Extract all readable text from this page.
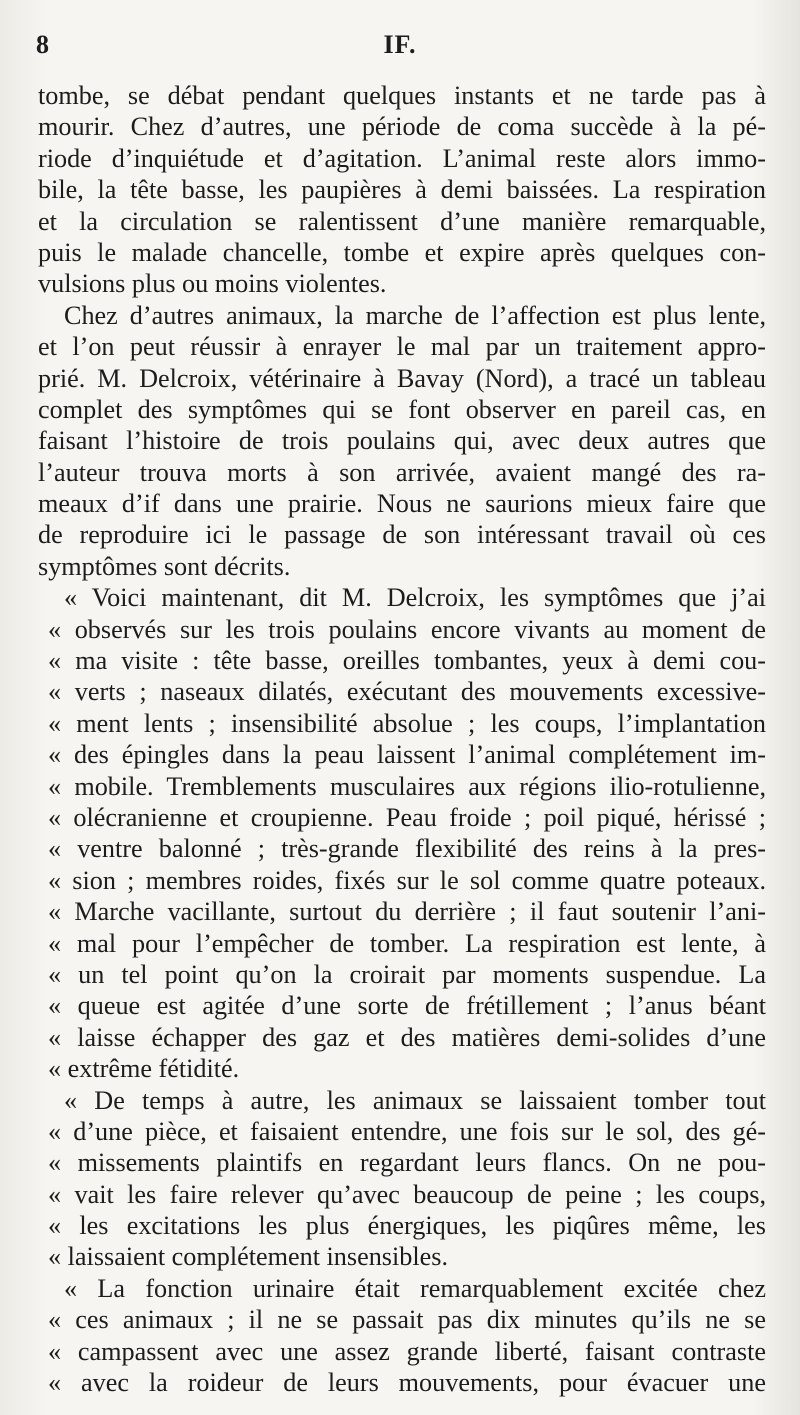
8	IF.
tombe, se débat pendant quelques instants et ne tarde pas à
mourir. Chez d’autres, une période de coma succède à la pé-
riode d’inquiétude et d’agitation. L’animal reste alors immo-
bile, la tête basse, les paupières à demi baissées. La respiration
et la circulation se ralentissent d’une manière remarquable,
puis le malade chancelle, tombe et expire après quelques con-
vulsions plus ou moins violentes.
Chez d’autres animaux, la marche de l’affection est plus lente,
et l’on peut réussir à enrayer le mal par un traitement appro-
prié. M. Delcroix, vétérinaire à Bavay (Nord), a tracé un tableau
complet des symptômes qui se font observer en pareil cas, en
faisant l’histoire de trois poulains qui, avec deux autres que
l’auteur trouva morts à son arrivée, avaient mangé des ra-
meaux d’if dans une prairie. Nous ne saurions mieux faire que
de reproduire ici le passage de son intéressant travail où ces
symptômes sont décrits.
« Voici maintenant, dit M. Delcroix, les symptômes que j’ai
« observés sur les trois poulains encore vivants au moment de
« ma visite : tête basse, oreilles tombantes, yeux à demi cou-
« verts ; naseaux dilatés, exécutant des mouvements excessive-
« ment lents ; insensibilité absolue ; les coups, l’implantation
« des épingles dans la peau laissent l’animal complétement im-
« mobile. Tremblements musculaires aux régions ilio-rotulienne,
« olécranienne et croupienne. Peau froide ; poil piqué, hérissé ;
« ventre balonné ; très-grande flexibilité des reins à la pres-
« sion ; membres roides, fixés sur le sol comme quatre poteaux.
« Marche vacillante, surtout du derrière ; il faut soutenir l’ani-
« mal pour l’empêcher de tomber. La respiration est lente, à
« un tel point qu’on la croirait par moments suspendue. La
« queue est agitée d’une sorte de frétillement ; l’anus béant
« laisse échapper des gaz et des matières demi-solides d’une
« extrême fétidité.
« De temps à autre, les animaux se laissaient tomber tout
« d’une pièce, et faisaient entendre, une fois sur le sol, des gé-
« missements plaintifs en regardant leurs flancs. On ne pou-
« vait les faire relever qu’avec beaucoup de peine ; les coups,
« les excitations les plus énergiques, les piqûres même, les
« laissaient complétement insensibles.
« La fonction urinaire était remarquablement excitée chez
« ces animaux ; il ne se passait pas dix minutes qu’ils ne se
« campassent avec une assez grande liberté, faisant contraste
« avec la roideur de leurs mouvements, pour évacuer une
